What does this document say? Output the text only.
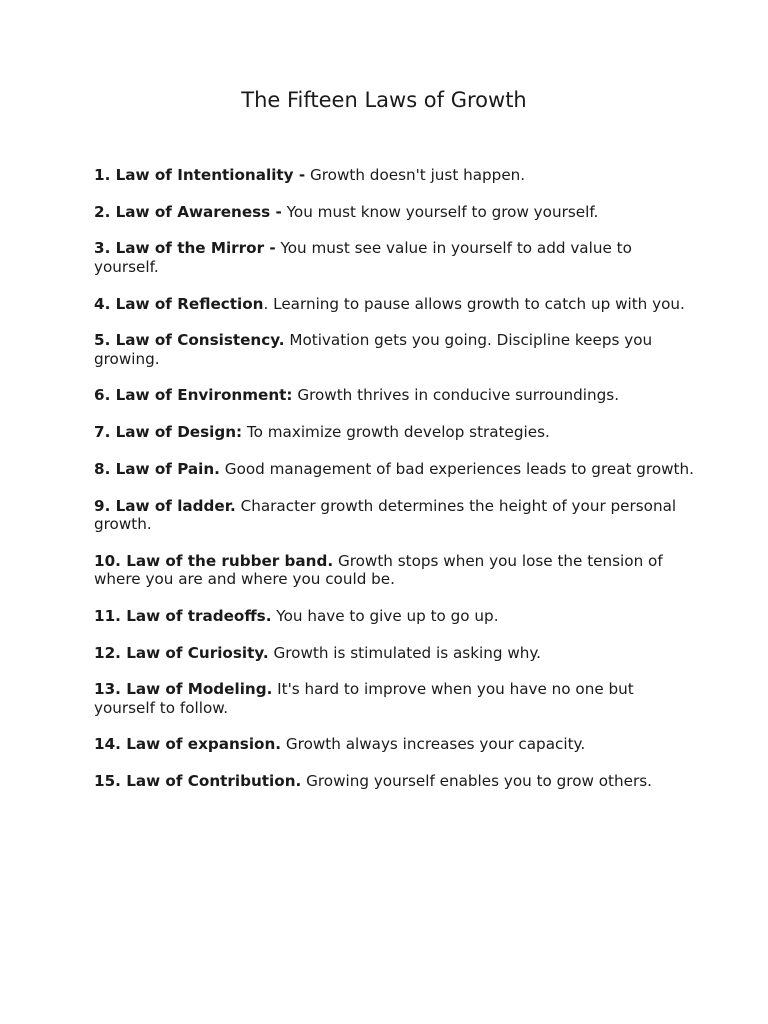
The Fifteen Laws of Growth
1. Law of Intentionality - Growth doesn't just happen.
2. Law of Awareness - You must know yourself to grow yourself.
3. Law of the Mirror - You must see value in yourself to add value to yourself.
4. Law of Reflection. Learning to pause allows growth to catch up with you.
5. Law of Consistency. Motivation gets you going. Discipline keeps you growing.
6. Law of Environment: Growth thrives in conducive surroundings.
7. Law of Design: To maximize growth develop strategies.
8. Law of Pain. Good management of bad experiences leads to great growth.
9. Law of ladder. Character growth determines the height of your personal growth.
10. Law of the rubber band. Growth stops when you lose the tension of where you are and where you could be.
11. Law of tradeoffs. You have to give up to go up.
12. Law of Curiosity. Growth is stimulated is asking why.
13. Law of Modeling. It's hard to improve when you have no one but yourself to follow.
14. Law of expansion. Growth always increases your capacity.
15. Law of Contribution. Growing yourself enables you to grow others.
